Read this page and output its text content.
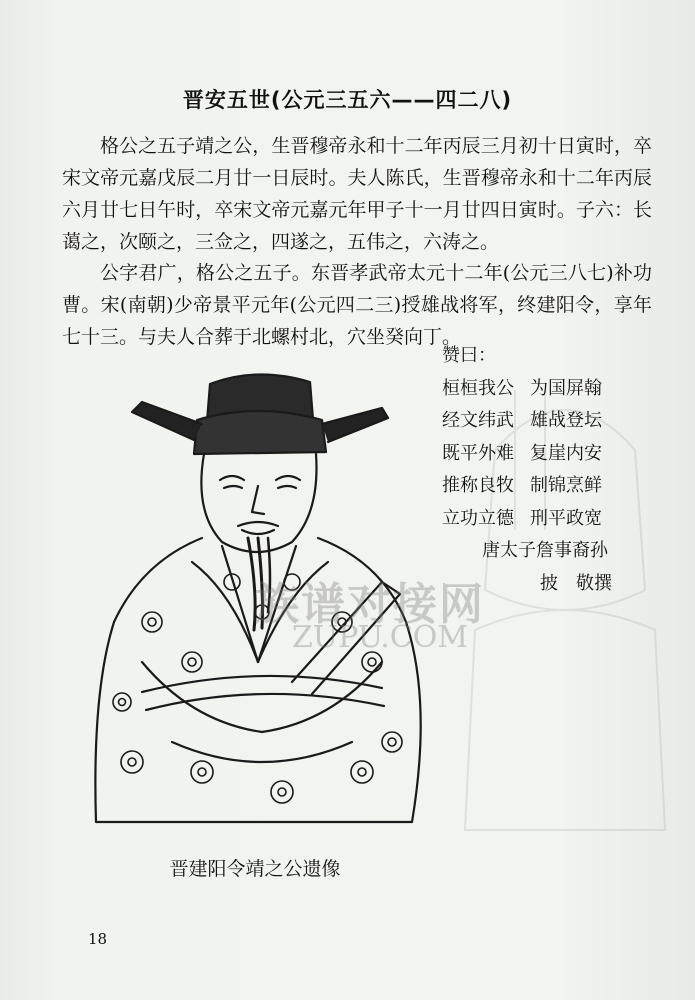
晋安五世(公元三五六——四二八)

格公之五子靖之公，生晋穆帝永和十二年丙辰三月初十日寅时，卒宋文帝元嘉戊辰二月廿一日辰时。夫人陈氏，生晋穆帝永和十二年丙辰六月廿七日午时，卒宋文帝元嘉元年甲子十一月廿四日寅时。子六：长蔼之，次颐之，三佥之，四遂之，五伟之，六涛之。

公字君广，格公之五子。东晋孝武帝太元十二年(公元三八七)补功曹。宋(南朝)少帝景平元年(公元四二三)授雄战将军，终建阳令，享年七十三。与夫人合葬于北螺村北，穴坐癸向丁。

赞曰：

桓桓我公 为国屏翰

经文纬武 雄战登坛

既平外难 复崖内安

推称良牧 制锦烹鲜

立功立德 刑平政宽

唐太子詹事裔孙

披　敬撰

族谱对接网
ZUPU.COM
晋建阳令靖之公遗像
18
